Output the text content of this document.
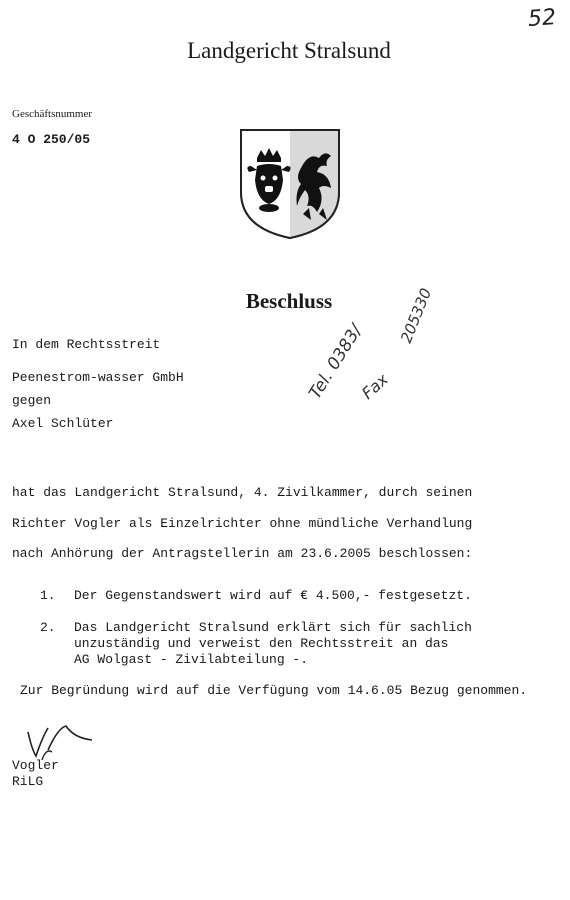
52
Landgericht Stralsund
Geschäftsnummer
4 O 250/05
Beschluss
In dem Rechtsstreit
Peenestrom-wasser GmbH
gegen
Axel Schlüter
Tel. 0383/
205330
Fax
hat das Landgericht Stralsund, 4. Zivilkammer, durch seinen
Richter Vogler als Einzelrichter ohne mündliche Verhandlung
nach Anhörung der Antragstellerin am 23.6.2005 beschlossen:
1. Der Gegenstandswert wird auf € 4.500,- festgesetzt.
2. Das Landgericht Stralsund erklärt sich für sachlich
unzuständig und verweist den Rechtsstreit an das
AG Wolgast - Zivilabteilung -.
Zur Begründung wird auf die Verfügung vom 14.6.05 Bezug genommen.
Vogler
RiLG
